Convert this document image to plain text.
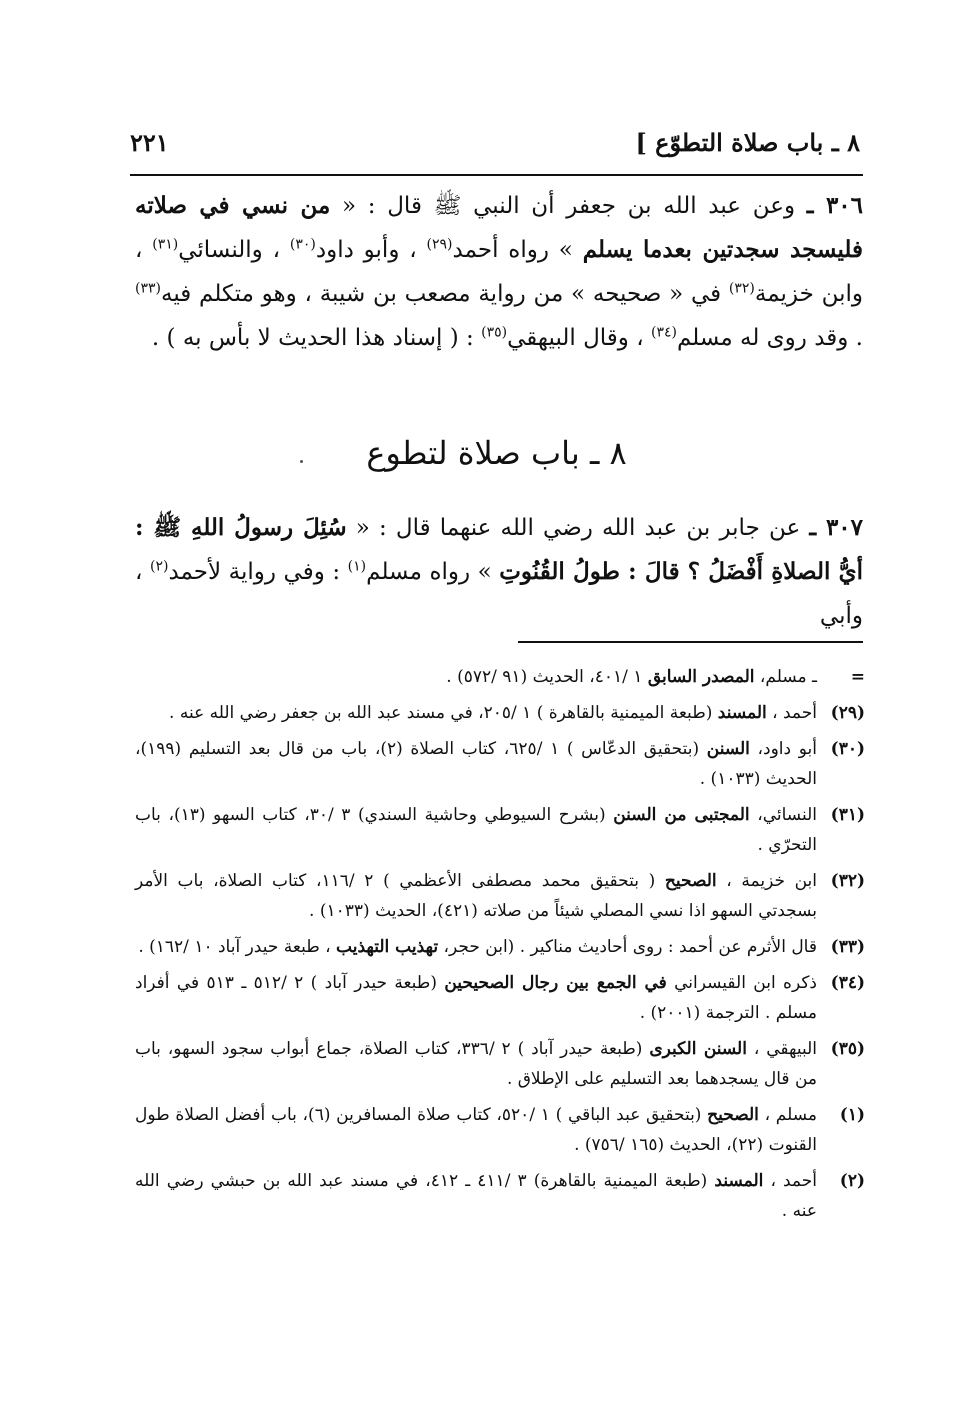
٨ ـ باب صلاة التطوّع ]
٢٢١

٣٠٦ ـ وعن عبد الله بن جعفر أن النبي ﷺ قال : « من نسي في صلاته فليسجد سجدتين بعدما يسلم » رواه أحمد$^{(٢٩)}$ ، وأبو داود$^{(٣٠)}$ ، والنسائي$^{(٣١)}$ ، وابن خزيمة$^{(٣٢)}$ في « صحيحه » من رواية مصعب بن شيبة ، وهو متكلم فيه$^{(٣٣)}$ . وقد روى له مسلم$^{(٣٤)}$ ، وقال البيهقي$^{(٣٥)}$ : ( إسناد هذا الحديث لا بأس به ) .

٨ ـ باب صلاة لتطوع

٣٠٧ ـ عن جابر بن عبد الله رضي الله عنهما قال : « سُئِلَ رسولُ اللهِ ﷺ : أيُّ الصلاةِ أَفْضَلُ ؟ قالَ : طولُ القُنُوتِ » رواه مسلم$^{(١)}$ : وفي رواية لأحمد$^{(٢)}$ ، وأبي

=
ـ مسلم، المصدر السابق ١ /٤٠١، الحديث (٩١ /٥٧٢) .
(٢٩)
أحمد ، المسند (طبعة الميمنية بالقاهرة ) ١ /٢٠٥، في مسند عبد الله بن جعفر رضي الله عنه .
(٣٠)
أبو داود، السنن (بتحقيق الدعّاس ) ١ /٦٢٥، كتاب الصلاة (٢)، باب من قال بعد التسليم (١٩٩)، الحديث (١٠٣٣) .
(٣١)
النسائي، المجتبى من السنن (بشرح السيوطي وحاشية السندي) ٣ /٣٠، كتاب السهو (١٣)، باب التحرّي .
(٣٢)
ابن خزيمة ، الصحيح ( بتحقيق محمد مصطفى الأعظمي ) ٢ /١١٦، كتاب الصلاة، باب الأمر بسجدتي السهو اذا نسي المصلي شيئاً من صلاته (٤٢١)، الحديث (١٠٣٣) .
(٣٣)
قال الأثرم عن أحمد : روى أحاديث مناكير . (ابن حجر، تهذيب التهذيب ، طبعة حيدر آباد ١٠ /١٦٢) .
(٣٤)
ذكره ابن القيسراني في الجمع بين رجال الصحيحين (طبعة حيدر آباد ) ٢ /٥١٢ ـ ٥١٣ في أفراد مسلم . الترجمة (٢٠٠١) .
(٣٥)
البيهقي ، السنن الكبرى (طبعة حيدر آباد ) ٢ /٣٣٦، كتاب الصلاة، جماع أبواب سجود السهو، باب من قال يسجدهما بعد التسليم على الإطلاق .
(١)
مسلم ، الصحيح (بتحقيق عبد الباقي ) ١ /٥٢٠، كتاب صلاة المسافرين (٦)، باب أفضل الصلاة طول القنوت (٢٢)، الحديث (١٦٥ /٧٥٦) .
(٢)
أحمد ، المسند (طبعة الميمنية بالقاهرة) ٣ /٤١١ ـ ٤١٢، في مسند عبد الله بن حبشي رضي الله عنه .
